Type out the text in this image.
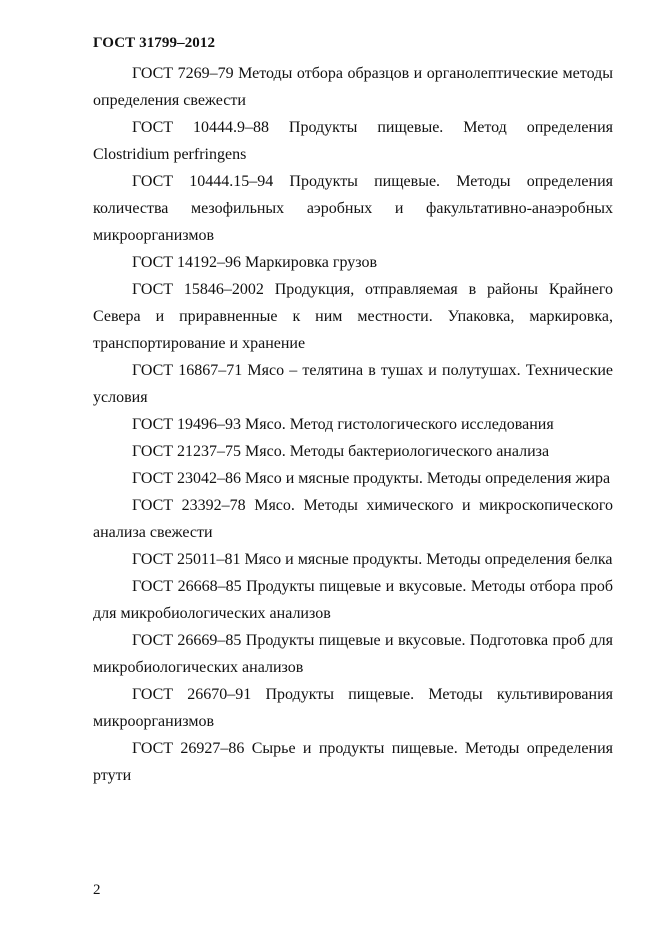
ГОСТ 31799–2012

ГОСТ 7269–79 Методы отбора образцов и органолептические методы определения свежести

ГОСТ 10444.9–88 Продукты пищевые. Метод определения Clostridium perfringens

ГОСТ 10444.15–94 Продукты пищевые. Методы определения количества мезофильных аэробных и факультативно-анаэробных микроорганизмов

ГОСТ 14192–96 Маркировка грузов

ГОСТ 15846–2002 Продукция, отправляемая в районы Крайнего Севера и приравненные к ним местности. Упаковка, маркировка, транспортирование и хранение

ГОСТ 16867–71 Мясо – телятина в тушах и полутушах. Технические условия

ГОСТ 19496–93 Мясо. Метод гистологического исследования

ГОСТ 21237–75 Мясо. Методы бактериологического анализа

ГОСТ 23042–86 Мясо и мясные продукты. Методы определения жира

ГОСТ 23392–78 Мясо. Методы химического и микроскопического анализа свежести

ГОСТ 25011–81 Мясо и мясные продукты. Методы определения белка

ГОСТ 26668–85 Продукты пищевые и вкусовые. Методы отбора проб для микробиологических анализов

ГОСТ 26669–85 Продукты пищевые и вкусовые. Подготовка проб для микробиологических анализов

ГОСТ 26670–91 Продукты пищевые. Методы культивирования микроорганизмов

ГОСТ 26927–86 Сырье и продукты пищевые. Методы определения ртути

2
